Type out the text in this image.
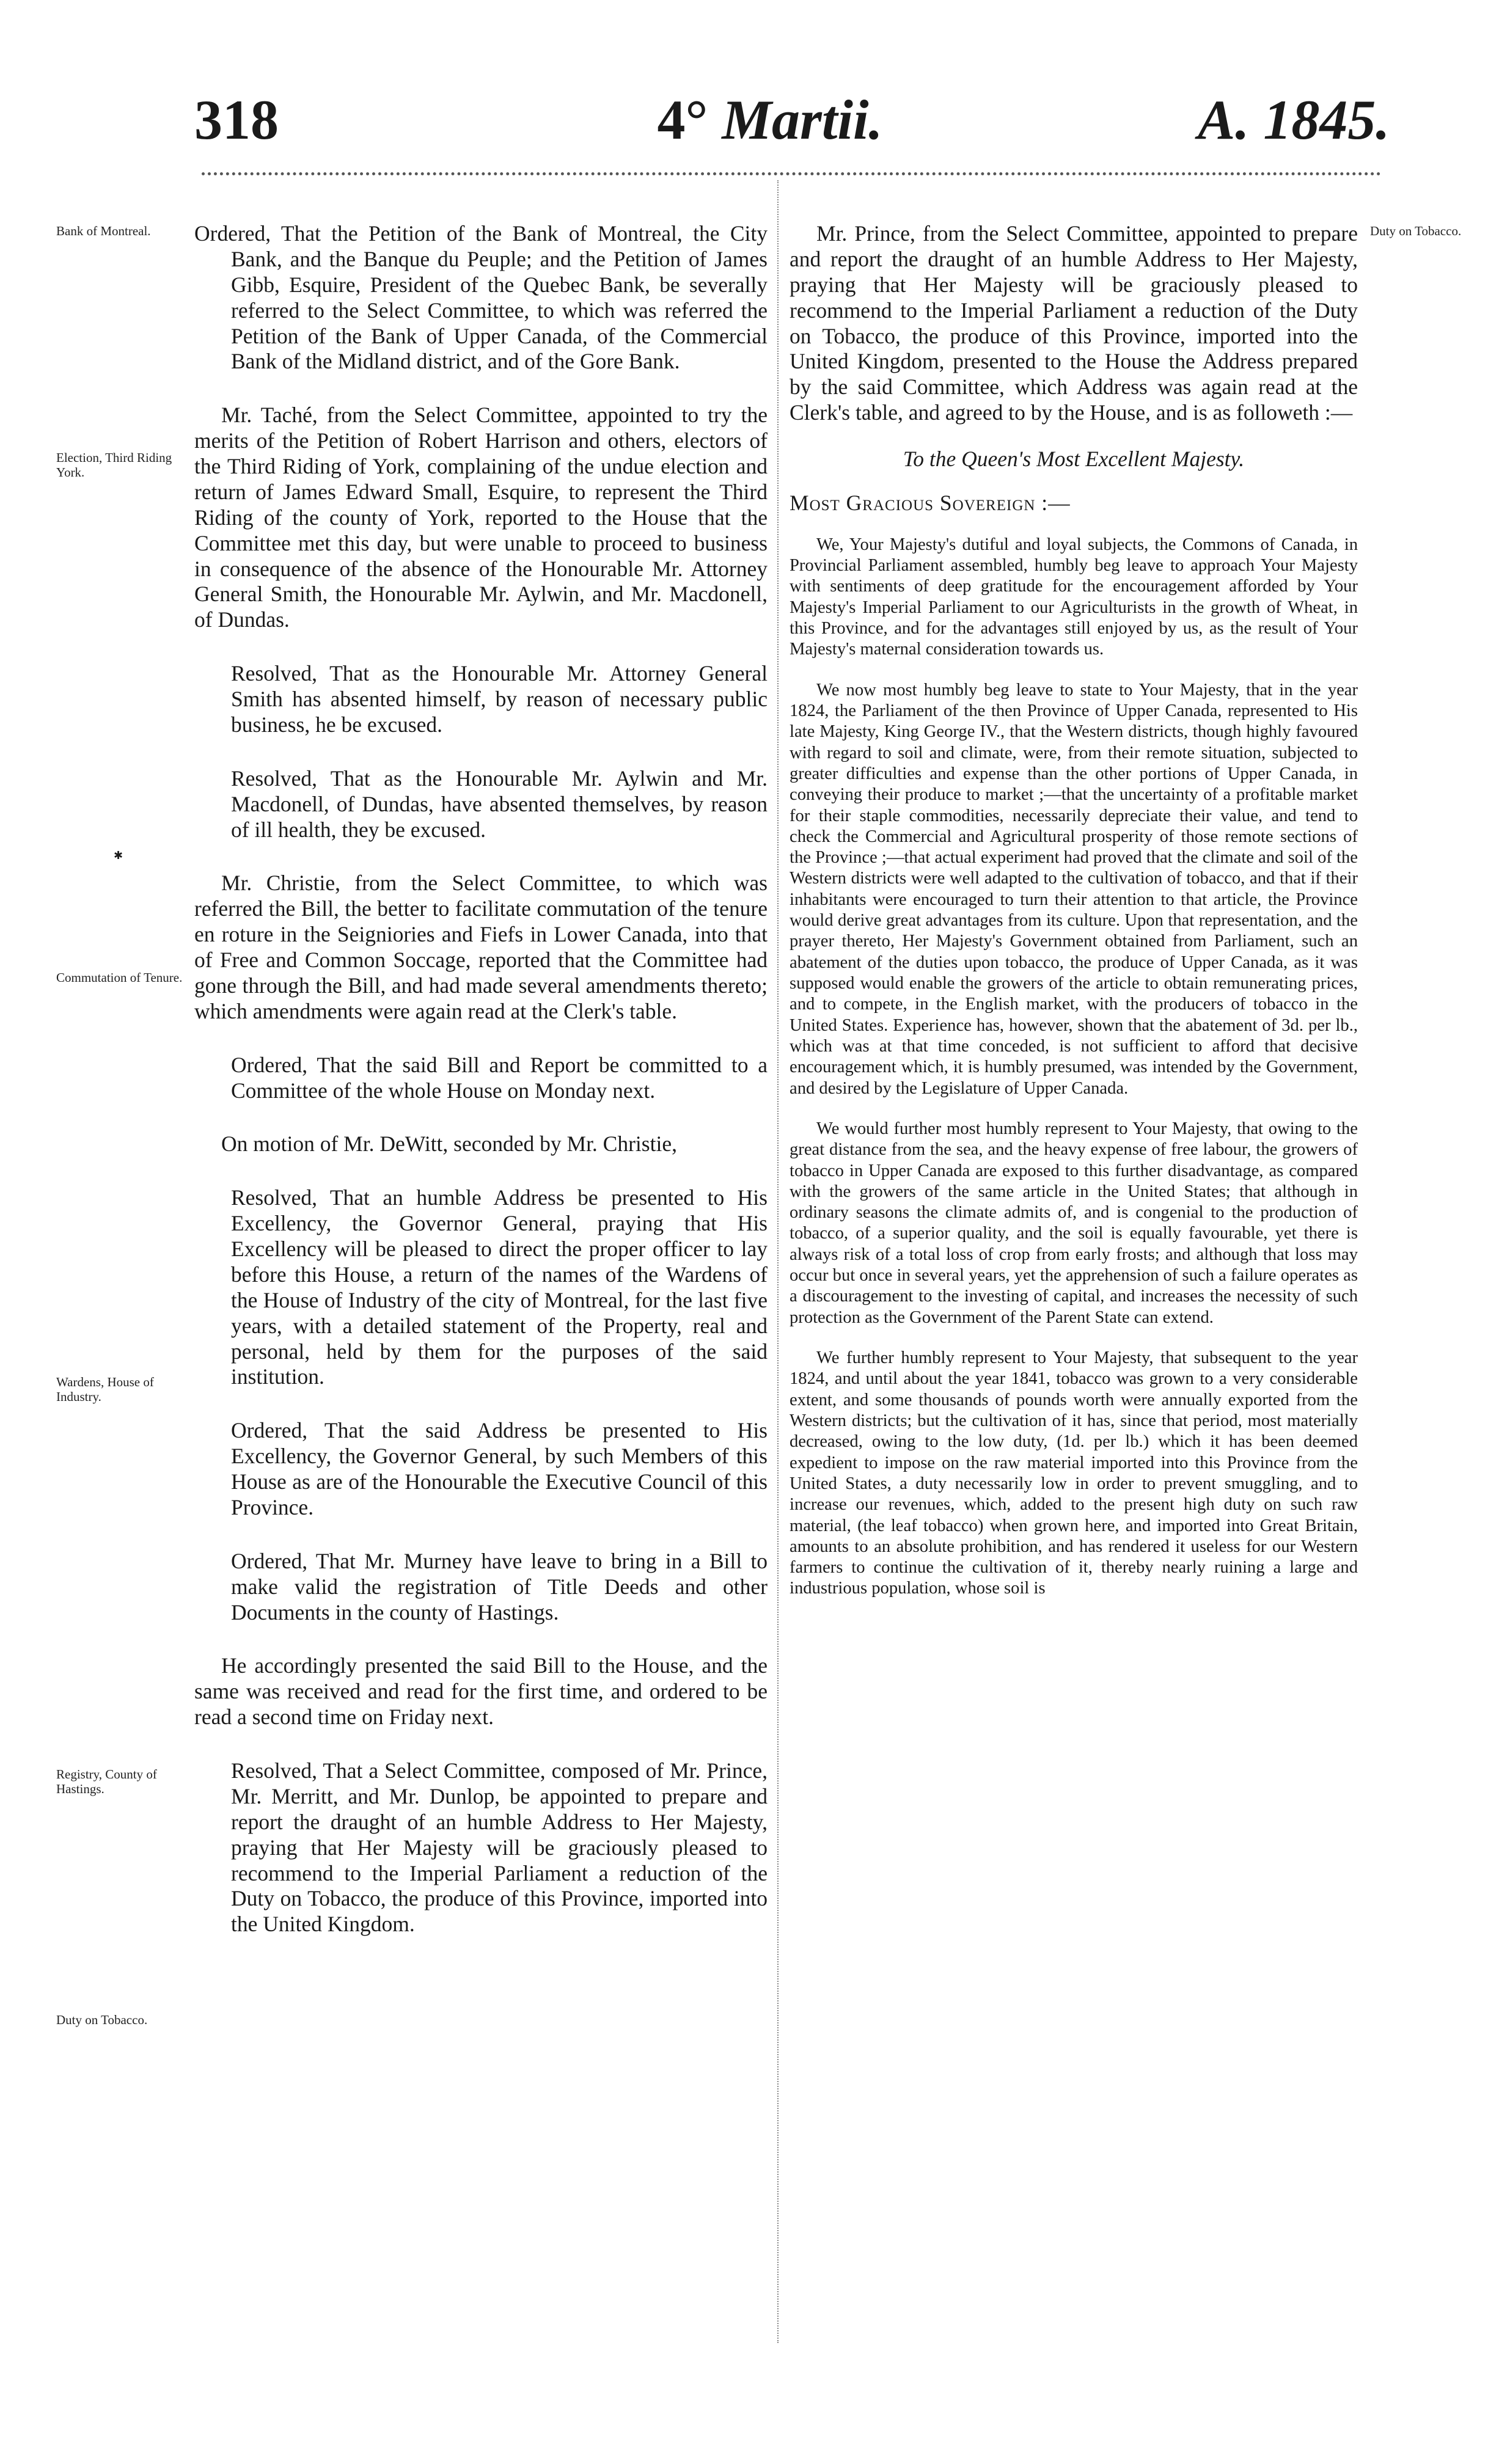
318	4° Martii.	A. 1845.
✱
Bank of Montreal.
Election, Third Riding York.
Commutation of Tenure.
Wardens, House of Industry.
Registry, County of Hastings.
Duty on Tobacco.
Duty on Tobacco.

Ordered, That the Petition of the Bank of Montreal, the City Bank, and the Banque du Peuple; and the Petition of James Gibb, Esquire, President of the Quebec Bank, be severally referred to the Select Committee, to which was referred the Petition of the Bank of Upper Canada, of the Commercial Bank of the Midland district, and of the Gore Bank.

Mr. Taché, from the Select Committee, appointed to try the merits of the Petition of Robert Harrison and others, electors of the Third Riding of York, complaining of the undue election and return of James Edward Small, Esquire, to represent the Third Riding of the county of York, reported to the House that the Committee met this day, but were unable to proceed to business in consequence of the absence of the Honourable Mr. Attorney General Smith, the Honourable Mr. Aylwin, and Mr. Macdonell, of Dundas.

Resolved, That as the Honourable Mr. Attorney General Smith has absented himself, by reason of necessary public business, he be excused.

Resolved, That as the Honourable Mr. Aylwin and Mr. Macdonell, of Dundas, have absented themselves, by reason of ill health, they be excused.

Mr. Christie, from the Select Committee, to which was referred the Bill, the better to facilitate commutation of the tenure en roture in the Seigniories and Fiefs in Lower Canada, into that of Free and Common Soccage, reported that the Committee had gone through the Bill, and had made several amendments thereto; which amendments were again read at the Clerk's table.

Ordered, That the said Bill and Report be committed to a Committee of the whole House on Monday next.

On motion of Mr. DeWitt, seconded by Mr. Christie,

Resolved, That an humble Address be presented to His Excellency, the Governor General, praying that His Excellency will be pleased to direct the proper officer to lay before this House, a return of the names of the Wardens of the House of Industry of the city of Montreal, for the last five years, with a detailed statement of the Property, real and personal, held by them for the purposes of the said institution.

Ordered, That the said Address be presented to His Excellency, the Governor General, by such Members of this House as are of the Honourable the Executive Council of this Province.

Ordered, That Mr. Murney have leave to bring in a Bill to make valid the registration of Title Deeds and other Documents in the county of Hastings.

He accordingly presented the said Bill to the House, and the same was received and read for the first time, and ordered to be read a second time on Friday next.

Resolved, That a Select Committee, composed of Mr. Prince, Mr. Merritt, and Mr. Dunlop, be appointed to prepare and report the draught of an humble Address to Her Majesty, praying that Her Majesty will be graciously pleased to recommend to the Imperial Parliament a reduction of the Duty on Tobacco, the produce of this Province, imported into the United Kingdom.

Mr. Prince, from the Select Committee, appointed to prepare and report the draught of an humble Address to Her Majesty, praying that Her Majesty will be graciously pleased to recommend to the Imperial Parliament a reduction of the Duty on Tobacco, the produce of this Province, imported into the United Kingdom, presented to the House the Address prepared by the said Committee, which Address was again read at the Clerk's table, and agreed to by the House, and is as followeth :—

To the Queen's Most Excellent Majesty.

Most Gracious Sovereign :—

We, Your Majesty's dutiful and loyal subjects, the Commons of Canada, in Provincial Parliament assembled, humbly beg leave to approach Your Majesty with sentiments of deep gratitude for the encouragement afforded by Your Majesty's Imperial Parliament to our Agriculturists in the growth of Wheat, in this Province, and for the advantages still enjoyed by us, as the result of Your Majesty's maternal consideration towards us.

We now most humbly beg leave to state to Your Majesty, that in the year 1824, the Parliament of the then Province of Upper Canada, represented to His late Majesty, King George IV., that the Western districts, though highly favoured with regard to soil and climate, were, from their remote situation, subjected to greater difficulties and expense than the other portions of Upper Canada, in conveying their produce to market ;—that the uncertainty of a profitable market for their staple commodities, necessarily depreciate their value, and tend to check the Commercial and Agricultural prosperity of those remote sections of the Province ;—that actual experiment had proved that the climate and soil of the Western districts were well adapted to the cultivation of tobacco, and that if their inhabitants were encouraged to turn their attention to that article, the Province would derive great advantages from its culture. Upon that representation, and the prayer thereto, Her Majesty's Government obtained from Parliament, such an abatement of the duties upon tobacco, the produce of Upper Canada, as it was supposed would enable the growers of the article to obtain remunerating prices, and to compete, in the English market, with the producers of tobacco in the United States. Experience has, however, shown that the abatement of 3d. per lb., which was at that time conceded, is not sufficient to afford that decisive encouragement which, it is humbly presumed, was intended by the Government, and desired by the Legislature of Upper Canada.

We would further most humbly represent to Your Majesty, that owing to the great distance from the sea, and the heavy expense of free labour, the growers of tobacco in Upper Canada are exposed to this further disadvantage, as compared with the growers of the same article in the United States; that although in ordinary seasons the climate admits of, and is congenial to the production of tobacco, of a superior quality, and the soil is equally favourable, yet there is always risk of a total loss of crop from early frosts; and although that loss may occur but once in several years, yet the apprehension of such a failure operates as a discouragement to the investing of capital, and increases the necessity of such protection as the Government of the Parent State can extend.

We further humbly represent to Your Majesty, that subsequent to the year 1824, and until about the year 1841, tobacco was grown to a very considerable extent, and some thousands of pounds worth were annually exported from the Western districts; but the cultivation of it has, since that period, most materially decreased, owing to the low duty, (1d. per lb.) which it has been deemed expedient to impose on the raw material imported into this Province from the United States, a duty necessarily low in order to prevent smuggling, and to increase our revenues, which, added to the present high duty on such raw material, (the leaf tobacco) when grown here, and imported into Great Britain, amounts to an absolute prohibition, and has rendered it useless for our Western farmers to continue the cultivation of it, thereby nearly ruining a large and industrious population, whose soil is
